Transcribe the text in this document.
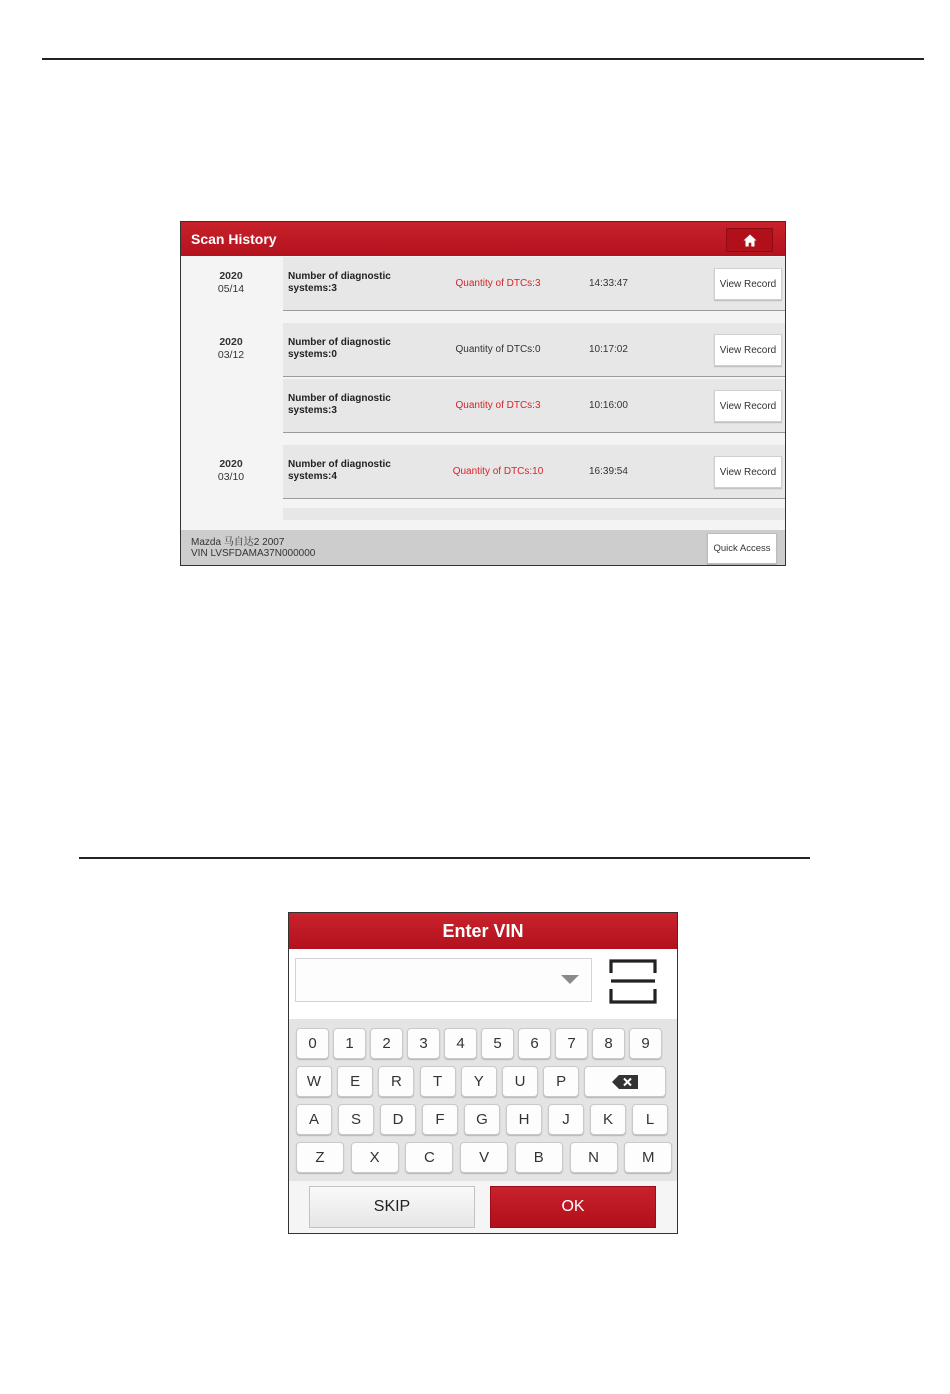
Scan History
2020
05/14
Number of diagnostic systems:3	Quantity of DTCs:3	14:33:47	View Record
2020
03/12
Number of diagnostic systems:0	Quantity of DTCs:0	10:17:02	View Record
Number of diagnostic systems:3	Quantity of DTCs:3	10:16:00	View Record
2020
03/10
Number of diagnostic systems:4	Quantity of DTCs:10	16:39:54	View Record
Mazda 马自达2 2007
VIN LVSFDAMA37N000000	Quick Access
Enter VIN
0	1	2	3	4	5	6	7	8	9
W	E	R	T	Y	U	P
A	S	D	F	G	H	J	K	L
Z	X	C	V	B	N	M
SKIP	OK
